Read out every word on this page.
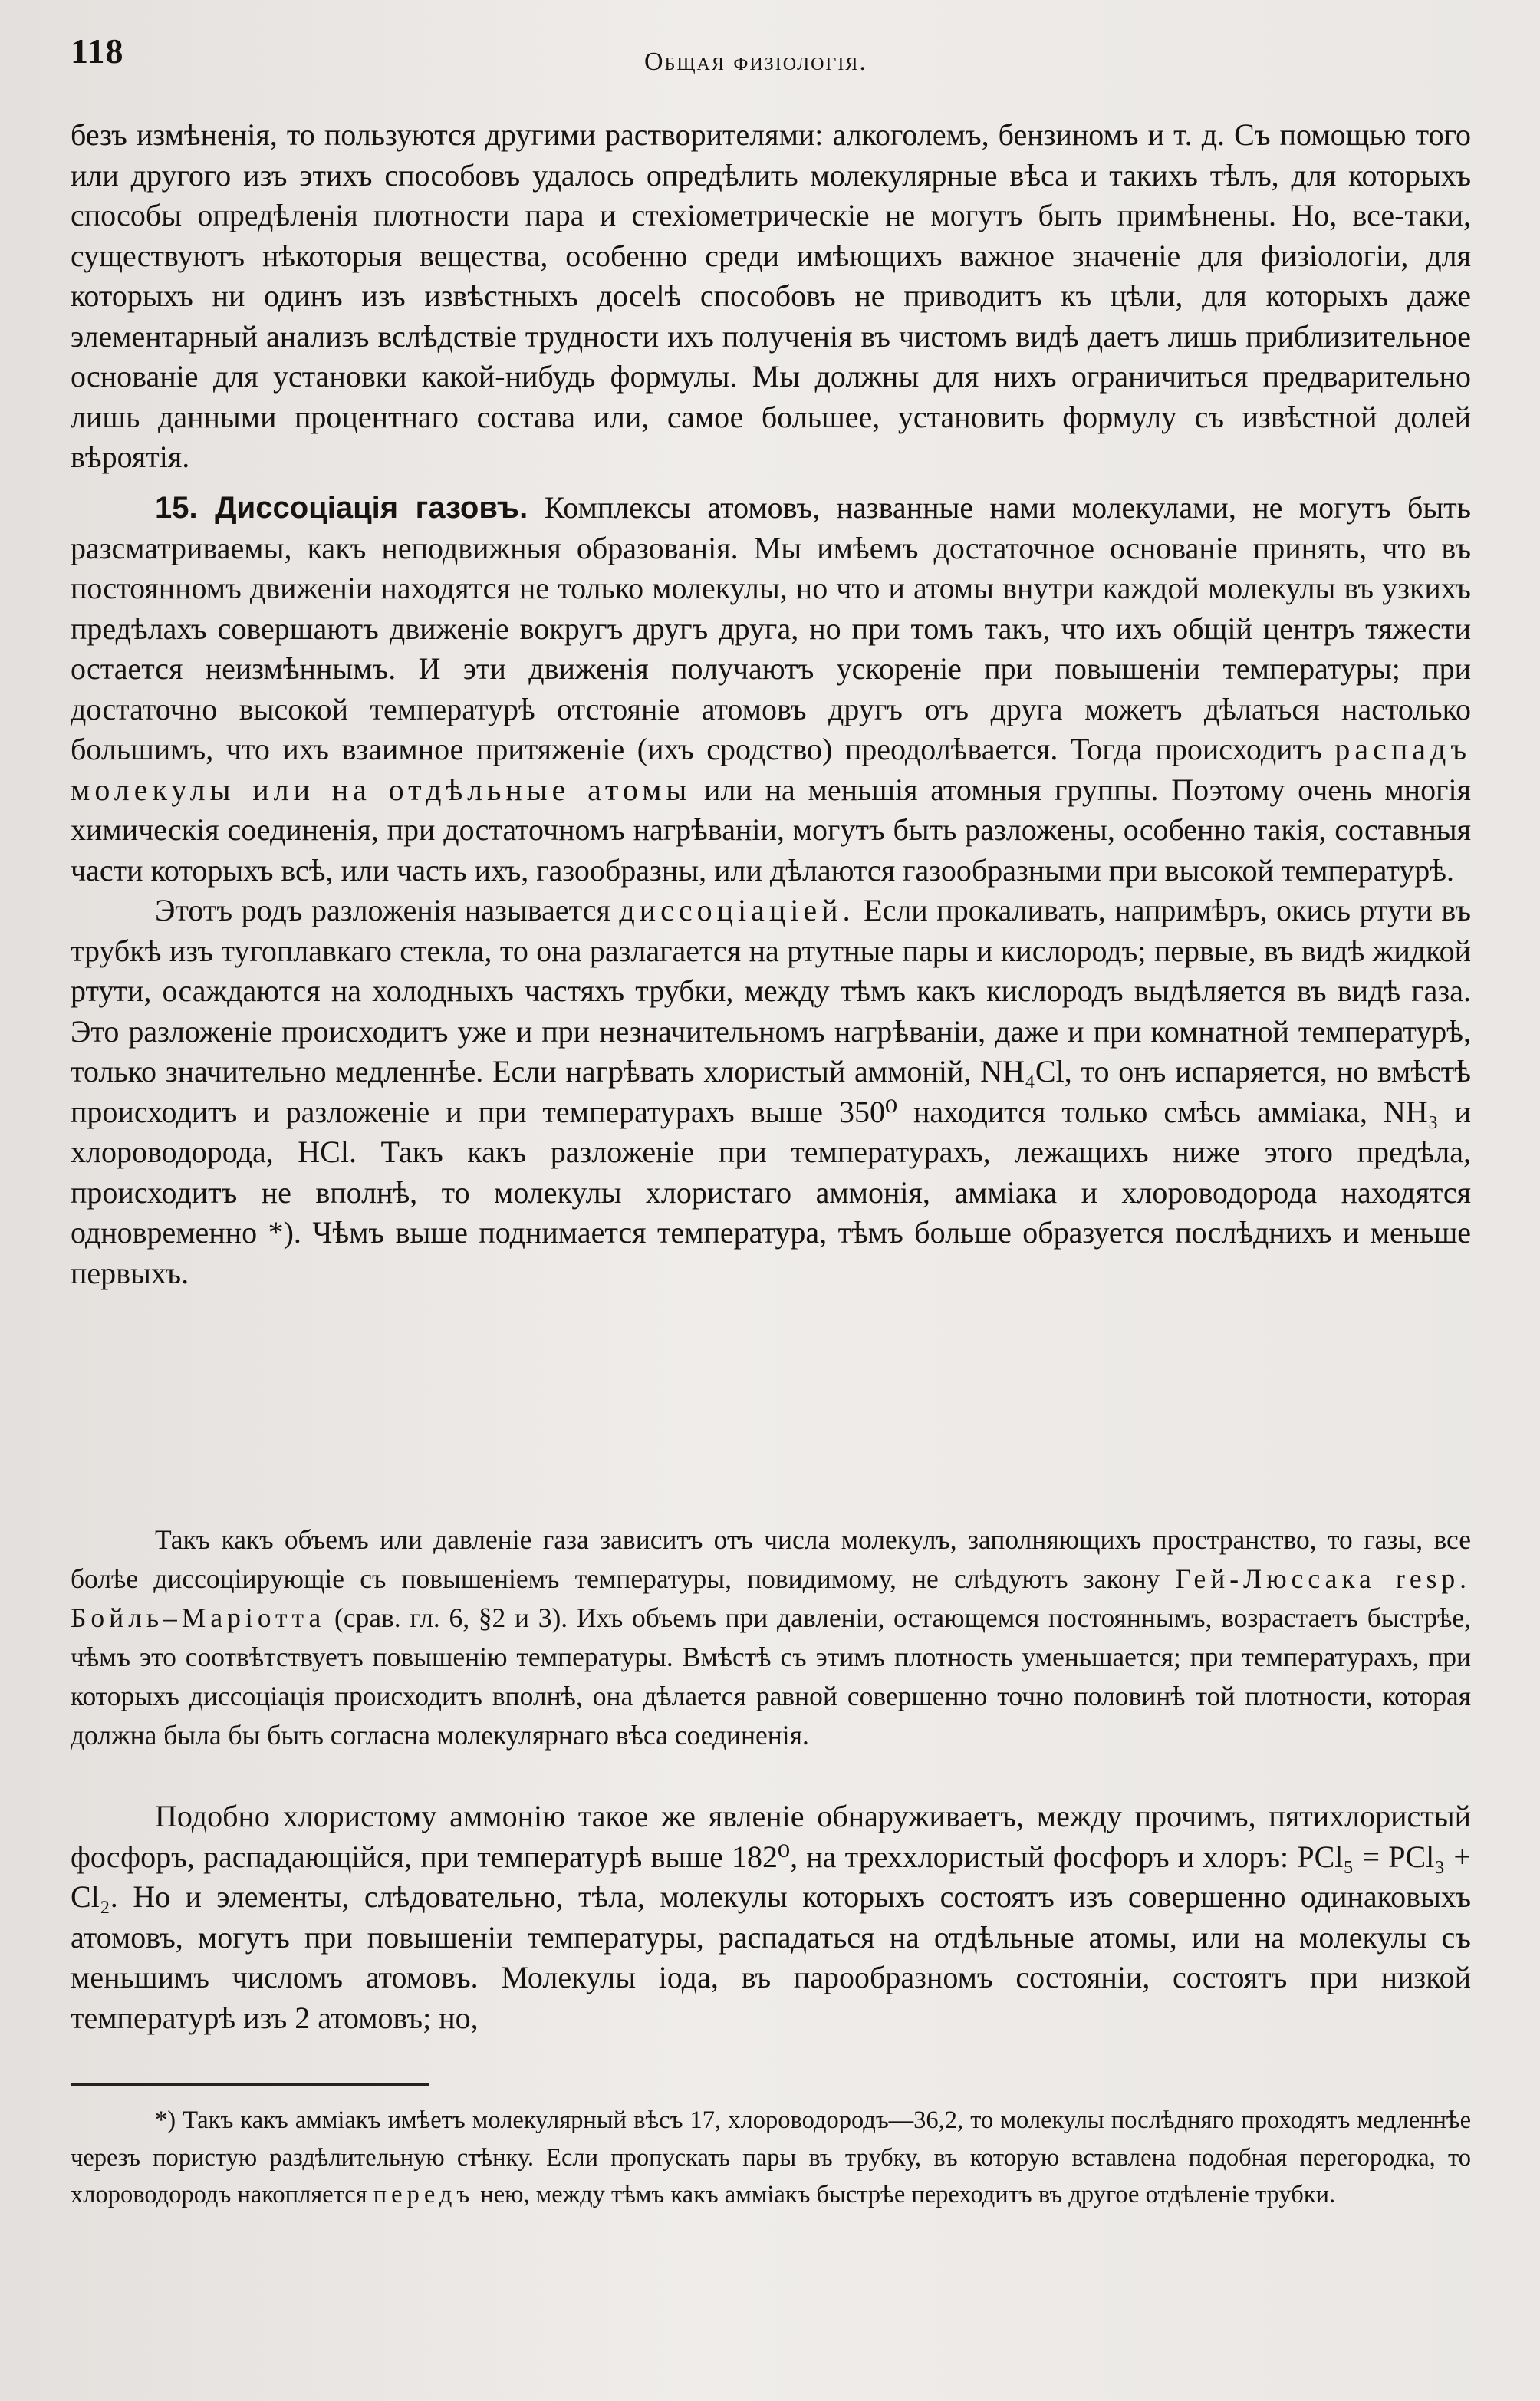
118	Общая физiологiя.

безъ измѣненiя, то пользуются другими растворителями: алкоголемъ, бензиномъ и т. д. Съ помощью того или другого изъ этихъ способовъ удалось опредѣлить молекулярные вѣса и такихъ тѣлъ, для которыхъ способы опредѣленiя плотности пара и стехiометрическiе не могутъ быть примѣнены. Но, все-таки, существуютъ нѣкоторыя вещества, особенно среди имѣющихъ важное значенiе для физiологiи, для которыхъ ни одинъ изъ извѣстныхъ досelѣ способовъ не приводитъ къ цѣли, для которыхъ даже элементарный анализъ вслѣдствiе трудности ихъ полученiя въ чистомъ видѣ даетъ лишь приблизительное основанiе для установки какой-нибудь формулы. Мы должны для нихъ ограничиться предварительно лишь данными процентнаго состава или, самое большее, установить формулу съ извѣстной долей вѣроятiя.

15. Диссоцiацiя газовъ. Комплексы атомовъ, названные нами молекулами, не могутъ быть разсматриваемы, какъ неподвижныя образованiя. Мы имѣемъ достаточное основанiе принять, что въ постоянномъ движенiи находятся не только молекулы, но что и атомы внутри каждой молекулы въ узкихъ предѣлахъ совершаютъ движенiе вокругъ другъ друга, но при томъ такъ, что ихъ общiй центръ тяжести остается неизмѣннымъ. И эти движенiя получаютъ ускоренiе при повышенiи температуры; при достаточно высокой температурѣ отстоянiе атомовъ другъ отъ друга можетъ дѣлаться настолько большимъ, что ихъ взаимное притяженiе (ихъ сродство) преодолѣвается. Тогда происходитъ распадъ молекулы или на отдѣльные атомы или на меньшiя атомныя группы. Поэтому очень многiя химическiя соединенiя, при достаточномъ нагрѣванiи, могутъ быть разложены, особенно такiя, составныя части которыхъ всѣ, или часть ихъ, газообразны, или дѣлаются газообразными при высокой температурѣ.

Этотъ родъ разложенiя называется диссоцiацiей. Если прокаливать, напримѣръ, окись ртути въ трубкѣ изъ тугоплавкаго стекла, то она разлагается на ртутные пары и кислородъ; первые, въ видѣ жидкой ртути, осаждаются на холодныхъ частяхъ трубки, между тѣмъ какъ кислородъ выдѣляется въ видѣ газа. Это разложенiе происходитъ уже и при незначительномъ нагрѣванiи, даже и при комнатной температурѣ, только значительно медленнѣе. Если нагрѣвать хлористый аммонiй, NH₄Cl, то онъ испаряется, но вмѣстѣ происходитъ и разложенiе и при температурахъ выше 350⁰ находится только смѣсь амміака, NH₃ и хлороводорода, HCl. Такъ какъ разложенiе при температурахъ, лежащихъ ниже этого предѣла, происходитъ не вполнѣ, то молекулы хлористаго аммонiя, амміака и хлороводорода находятся одновременно *). Чѣмъ выше поднимается температура, тѣмъ больше образуется послѣднихъ и меньше первыхъ.

Такъ какъ объемъ или давленiе газа зависитъ отъ числа молекулъ, заполняющихъ пространство, то газы, все болѣе диссоцiирующiе съ повышенiемъ температуры, повидимому, не слѣдуютъ закону Гей-Люссака resp. Бойль–Марiотта (срав. гл. 6, §2 и 3). Ихъ объемъ при давленiи, остающемся постояннымъ, возрастаетъ быстрѣе, чѣмъ это соотвѣтствуетъ повышенiю температуры. Вмѣстѣ съ этимъ плотность уменьшается; при температурахъ, при которыхъ диссоцiацiя происходитъ вполнѣ, она дѣлается равной совершенно точно половинѣ той плотности, которая должна была бы быть согласна молекулярнаго вѣса соединенiя.

Подобно хлористому аммонiю такое же явленiе обнаруживаетъ, между прочимъ, пятихлористый фосфоръ, распадающiйся, при температурѣ выше 182⁰, на треххлористый фосфоръ и хлоръ: PCl₅ = PCl₃ + Cl₂. Но и элементы, слѣдовательно, тѣла, молекулы которыхъ состоятъ изъ совершенно одинаковыхъ атомовъ, могутъ при повышенiи температуры, распадаться на отдѣльные атомы, или на молекулы съ меньшимъ числомъ атомовъ. Молекулы iода, въ парообразномъ состоянiи, состоятъ при низкой температурѣ изъ 2 атомовъ; но,

*) Такъ какъ амміакъ имѣетъ молекулярный вѣсъ 17, хлороводородъ—36,2, то молекулы послѣдняго проходятъ медленнѣе черезъ пористую раздѣлительную стѣнку. Если пропускать пары въ трубку, въ которую вставлена подобная перегородка, то хлороводородъ накопляется передъ нею, между тѣмъ какъ амміакъ быстрѣе переходитъ въ другое отдѣленiе трубки.
